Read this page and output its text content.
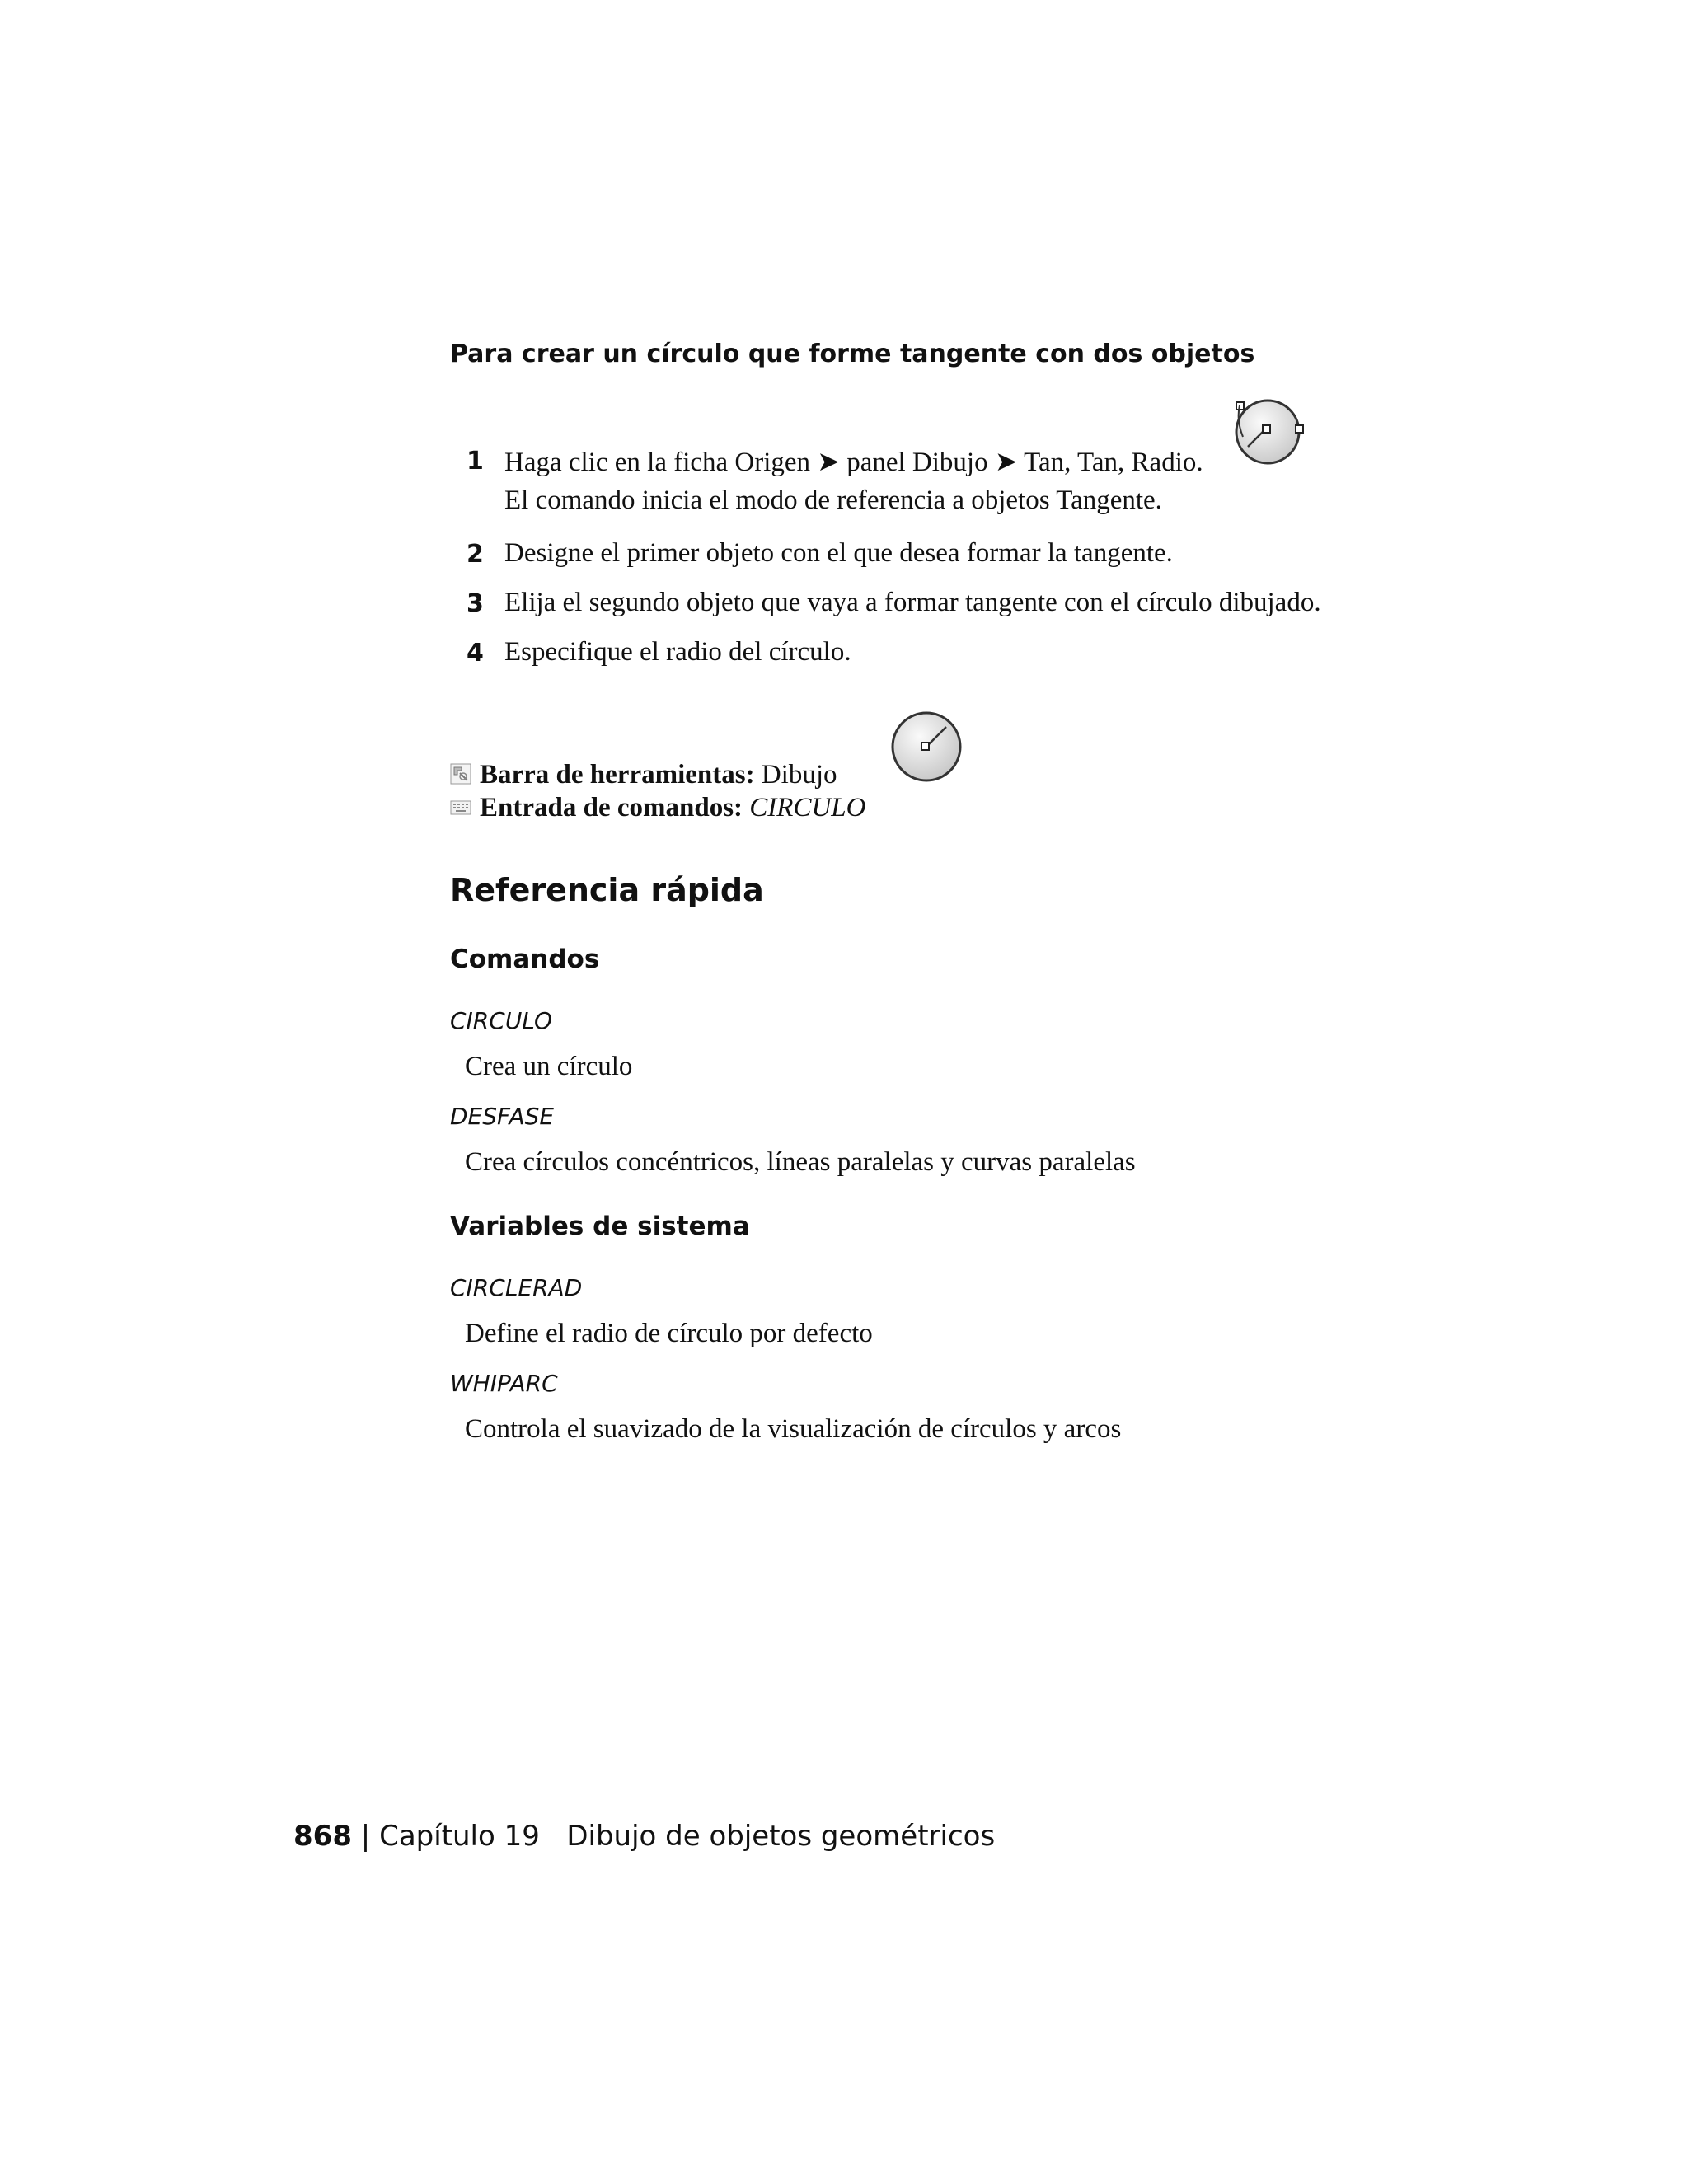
Para crear un círculo que forme tangente con dos objetos
1 Haga clic en la ficha Origen ➤ panel Dibujo ➤ Tan, Tan, Radio.
El comando inicia el modo de referencia a objetos Tangente.
2 Designe el primer objeto con el que desea formar la tangente.
3 Elija el segundo objeto que vaya a formar tangente con el círculo dibujado.
4 Especifique el radio del círculo.
Barra de herramientas: Dibujo
Entrada de comandos: CIRCULO
Referencia rápida
Comandos
CIRCULO
Crea un círculo
DESFASE
Crea círculos concéntricos, líneas paralelas y curvas paralelas
Variables de sistema
CIRCLERAD
Define el radio de círculo por defecto
WHIPARC
Controla el suavizado de la visualización de círculos y arcos
868 | Capítulo 19 Dibujo de objetos geométricos
